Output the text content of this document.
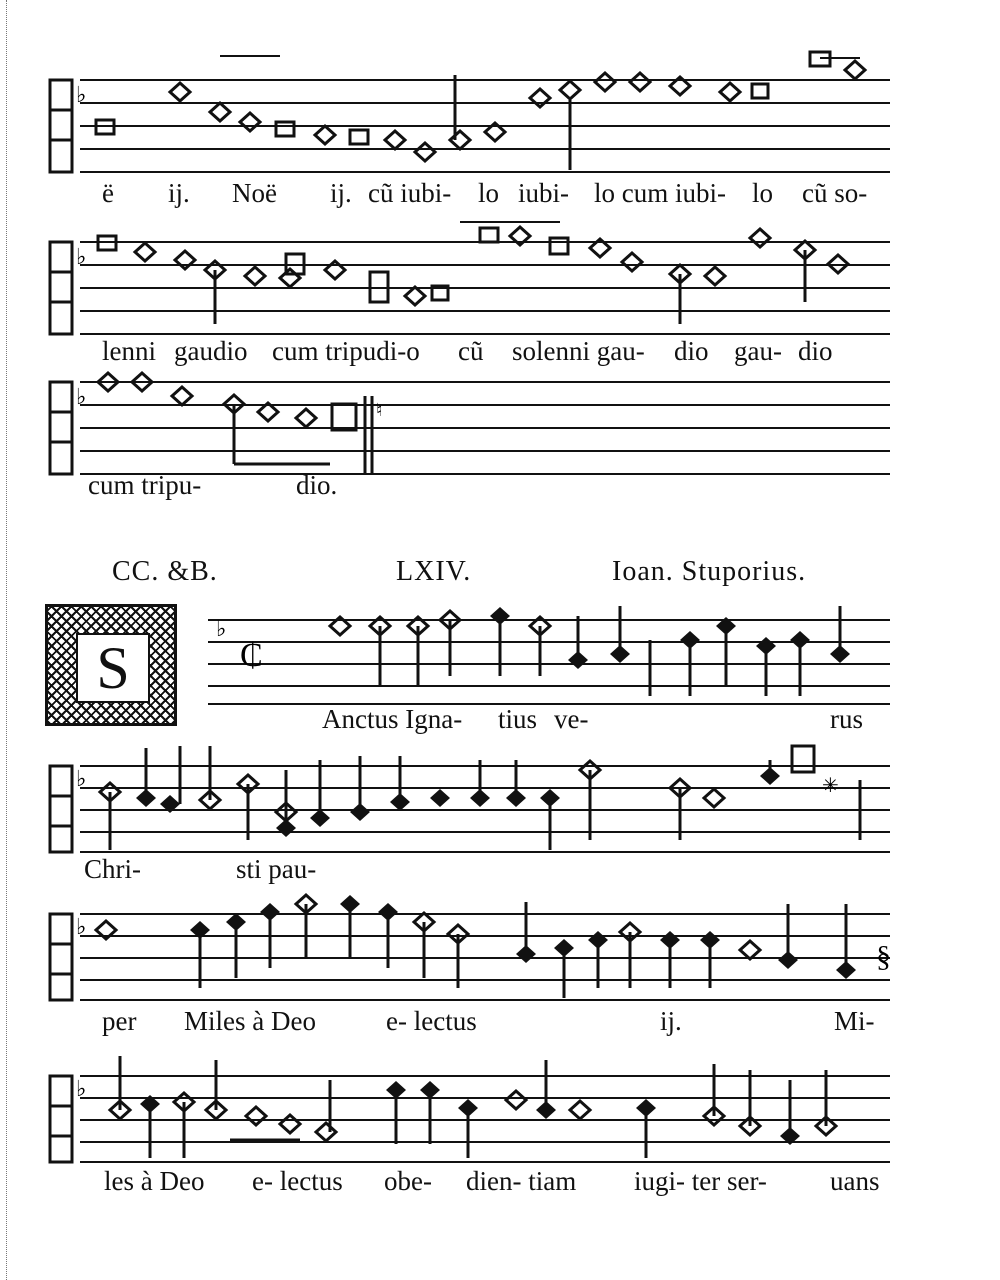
♭
ë ij. Noë ij. cũ iubi- lo iubi- lo cum iubi- lo cũ so-
♭
lenni gaudio cum tripudi-o cũ solenni gau- dio gau- dio
♭
♮
cum tripu-	dio.
CC. &B.	LXIV.	Ioan. Stuporius.
S
♭
₵
Anctus Igna- tius ve-	rus
♭	✳
Chri-	sti pau-
♭
§
per Miles à Deo	e- lectus	ij.	Mi-
♭
les à Deo e- lectus obe- dien- tiam iugi- ter ser- uans
